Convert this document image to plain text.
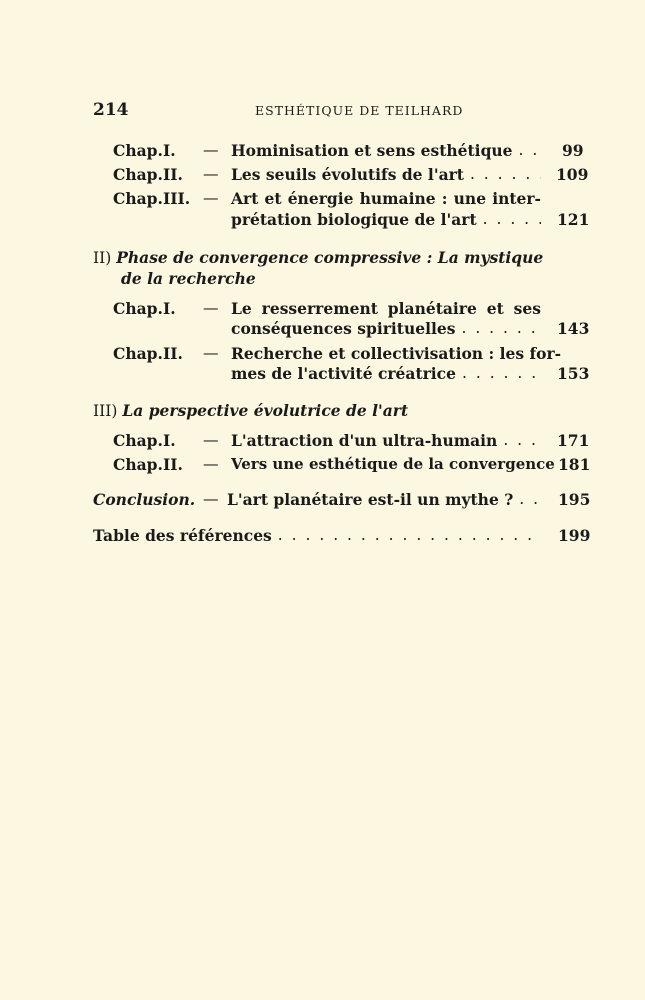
214	ESTHÉTIQUE DE TEILHARD
Chap. I. — Hominisation et sens esthétique . . .	99
Chap. II. — Les seuils évolutifs de l'art . . .	109
Chap. III. — Art et énergie humaine : une inter-
prétation biologique de l'art . . .	121
II) Phase de convergence compressive : La mystique
de la recherche
Chap. I. — Le resserrement planétaire et ses
conséquences spirituelles . . .	143
Chap. II. — Recherche et collectivisation : les for-
mes de l'activité créatrice . . .	153
III) La perspective évolutrice de l'art
Chap. I. — L'attraction d'un ultra-humain . . .	171
Chap. II. — Vers une esthétique de la convergence 181
Conclusion. — L'art planétaire est-il un mythe ? . . .	195
Table des références . . .	199
